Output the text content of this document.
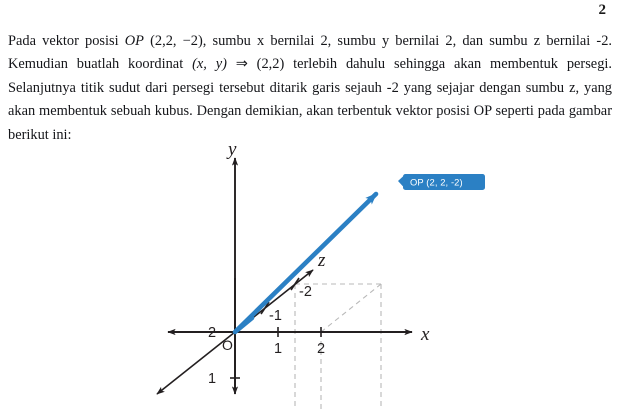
2

Pada vektor posisi OP (2,2, −2), sumbu x bernilai 2, sumbu y bernilai 2, dan sumbu z bernilai -2. Kemudian buatlah koordinat (x, y) ⇒ (2,2) terlebih dahulu sehingga akan membentuk persegi. Selanjutnya titik sudut dari persegi tersebut ditarik garis sejauh -2 yang sejajar dengan sumbu z, yang akan membentuk sebuah kubus. Dengan demikian, akan terbentuk vektor posisi OP seperti pada gambar berikut ini:

OP (2, 2, -2)
y
x
z
2
1
1 2
-1
-2
O
